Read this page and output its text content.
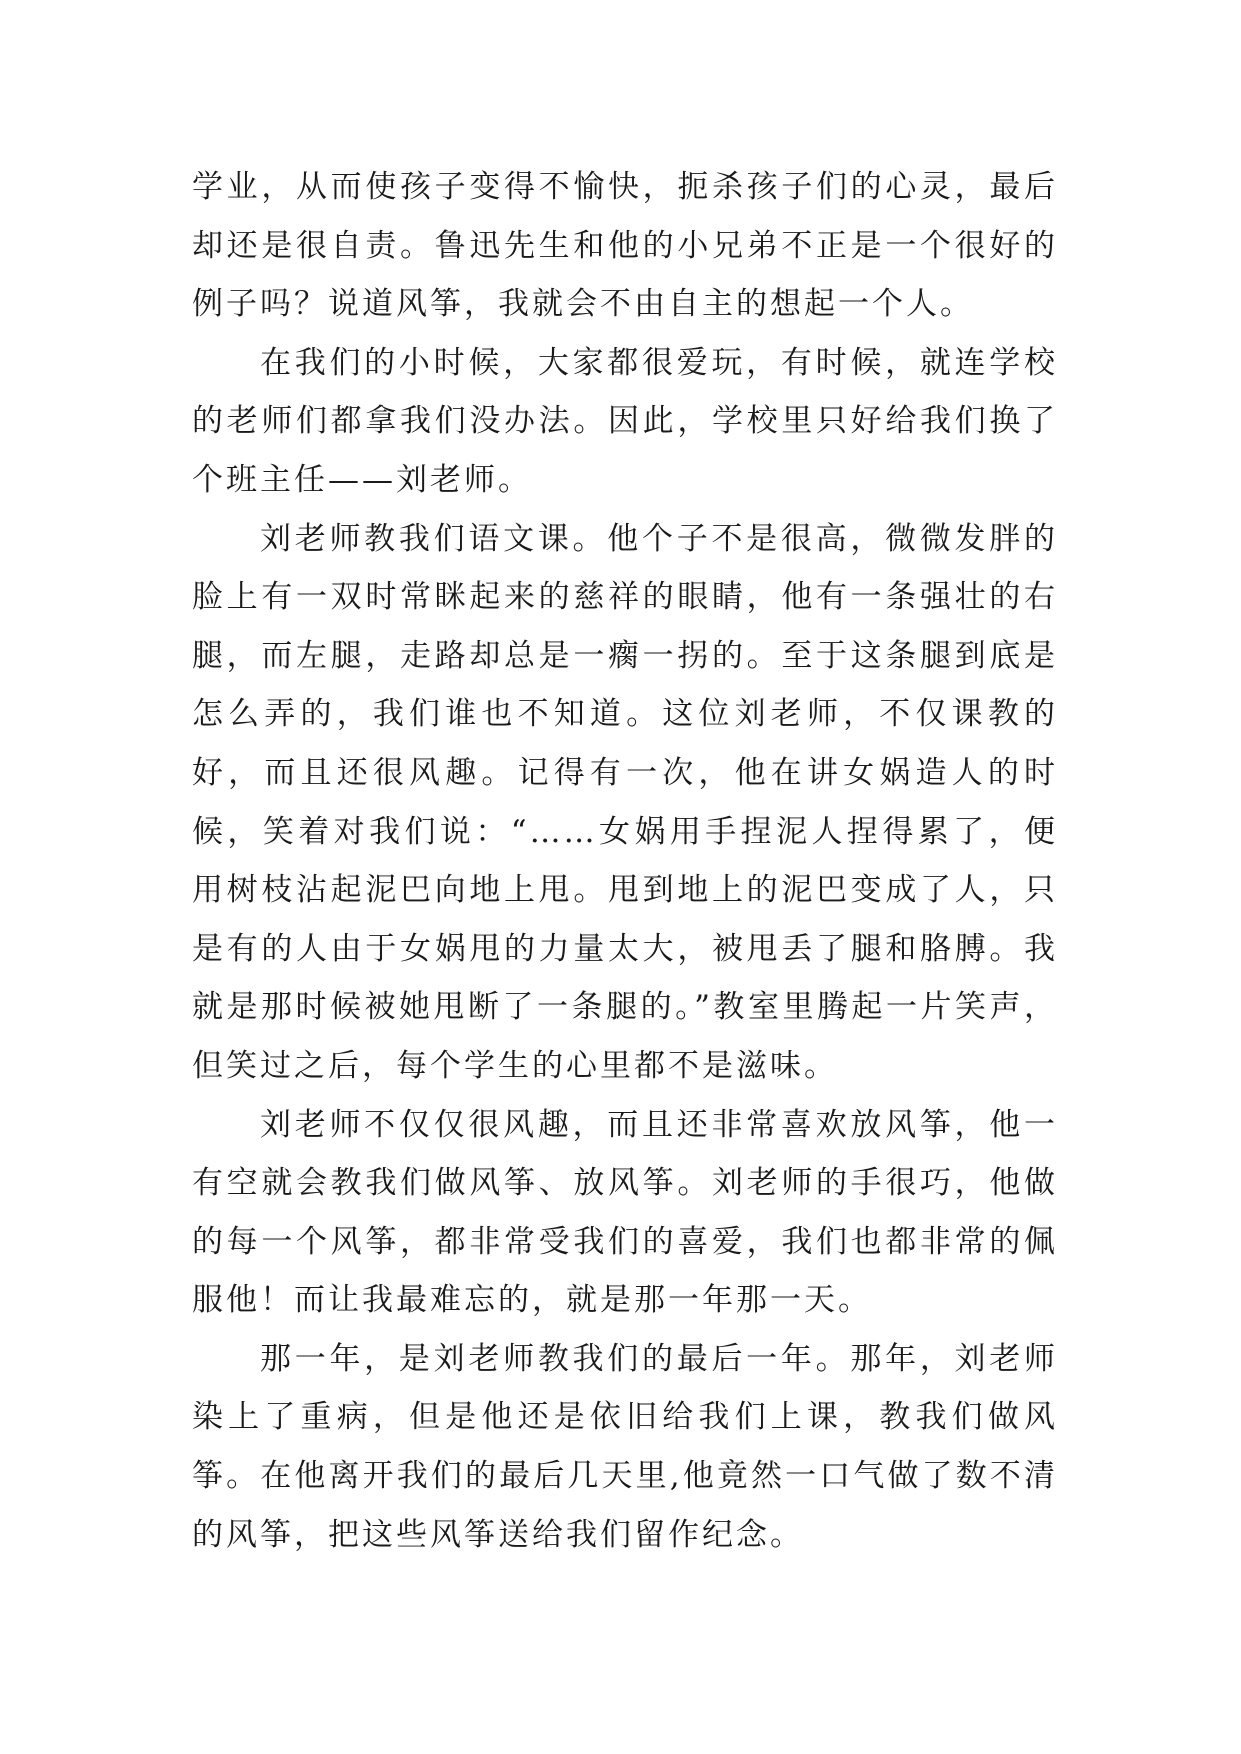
学业，从而使孩子变得不愉快，扼杀孩子们的心灵，最后却还是很自责。鲁迅先生和他的小兄弟不正是一个很好的例子吗？说道风筝，我就会不由自主的想起一个人。

在我们的小时候，大家都很爱玩，有时候，就连学校的老师们都拿我们没办法。因此，学校里只好给我们换了个班主任——刘老师。

刘老师教我们语文课。他个子不是很高，微微发胖的脸上有一双时常眯起来的慈祥的眼睛，他有一条强壮的右腿，而左腿，走路却总是一瘸一拐的。至于这条腿到底是怎么弄的，我们谁也不知道。这位刘老师，不仅课教的好，而且还很风趣。记得有一次，他在讲女娲造人的时候，笑着对我们说：“……女娲用手捏泥人捏得累了，便用树枝沾起泥巴向地上甩。甩到地上的泥巴变成了人，只是有的人由于女娲甩的力量太大，被甩丢了腿和胳膊。我就是那时候被她甩断了一条腿的。”教室里腾起一片笑声，但笑过之后，每个学生的心里都不是滋味。

刘老师不仅仅很风趣，而且还非常喜欢放风筝，他一有空就会教我们做风筝、放风筝。刘老师的手很巧，他做的每一个风筝，都非常受我们的喜爱，我们也都非常的佩服他！而让我最难忘的，就是那一年那一天。

那一年，是刘老师教我们的最后一年。那年，刘老师染上了重病，但是他还是依旧给我们上课，教我们做风筝。在他离开我们的最后几天里,他竟然一口气做了数不清的风筝，把这些风筝送给我们留作纪念。
